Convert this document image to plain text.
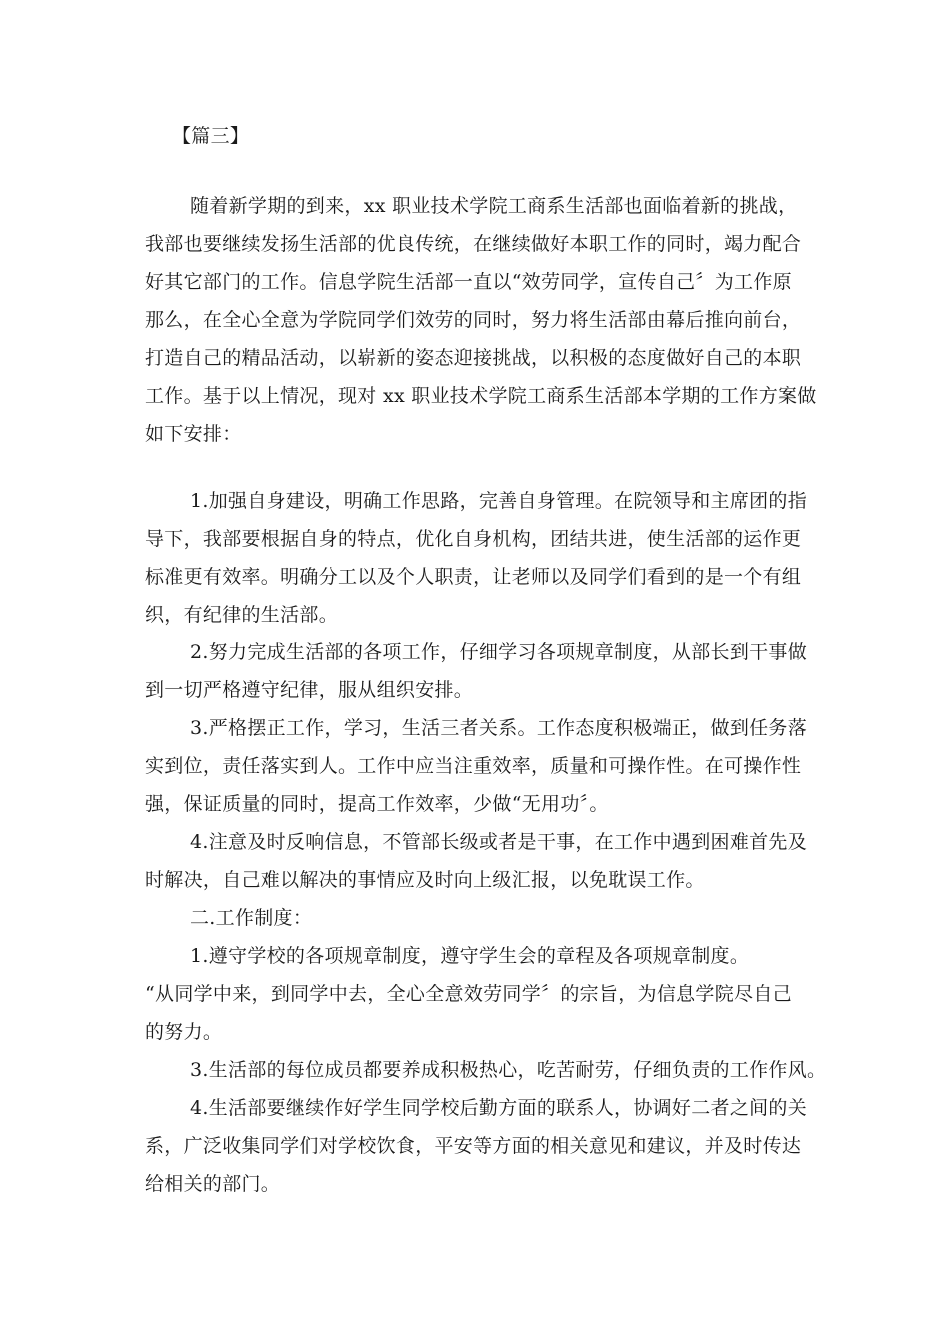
【篇三】
随着新学期的到来，xx 职业技术学院工商系生活部也面临着新的挑战，
我部也要继续发扬生活部的优良传统，在继续做好本职工作的同时，竭力配合
好其它部门的工作。信息学院生活部一直以“效劳同学，宣传自己〞为工作原
那么，在全心全意为学院同学们效劳的同时，努力将生活部由幕后推向前台，
打造自己的精品活动，以崭新的姿态迎接挑战，以积极的态度做好自己的本职
工作。基于以上情况，现对 xx 职业技术学院工商系生活部本学期的工作方案做
如下安排：
1.加强自身建设，明确工作思路，完善自身管理。在院领导和主席团的指
导下，我部要根据自身的特点，优化自身机构，团结共进，使生活部的运作更
标准更有效率。明确分工以及个人职责，让老师以及同学们看到的是一个有组
织，有纪律的生活部。
2.努力完成生活部的各项工作，仔细学习各项规章制度，从部长到干事做
到一切严格遵守纪律，服从组织安排。
3.严格摆正工作，学习，生活三者关系。工作态度积极端正，做到任务落
实到位，责任落实到人。工作中应当注重效率，质量和可操作性。在可操作性
强，保证质量的同时，提高工作效率，少做“无用功〞。
4.注意及时反响信息，不管部长级或者是干事，在工作中遇到困难首先及
时解决，自己难以解决的事情应及时向上级汇报，以免耽误工作。
二.工作制度：
1.遵守学校的各项规章制度，遵守学生会的章程及各项规章制度。
“从同学中来，到同学中去，全心全意效劳同学〞的宗旨，为信息学院尽自己
的努力。
3.生活部的每位成员都要养成积极热心，吃苦耐劳，仔细负责的工作作风。
4.生活部要继续作好学生同学校后勤方面的联系人，协调好二者之间的关
系，广泛收集同学们对学校饮食，平安等方面的相关意见和建议，并及时传达
给相关的部门。
